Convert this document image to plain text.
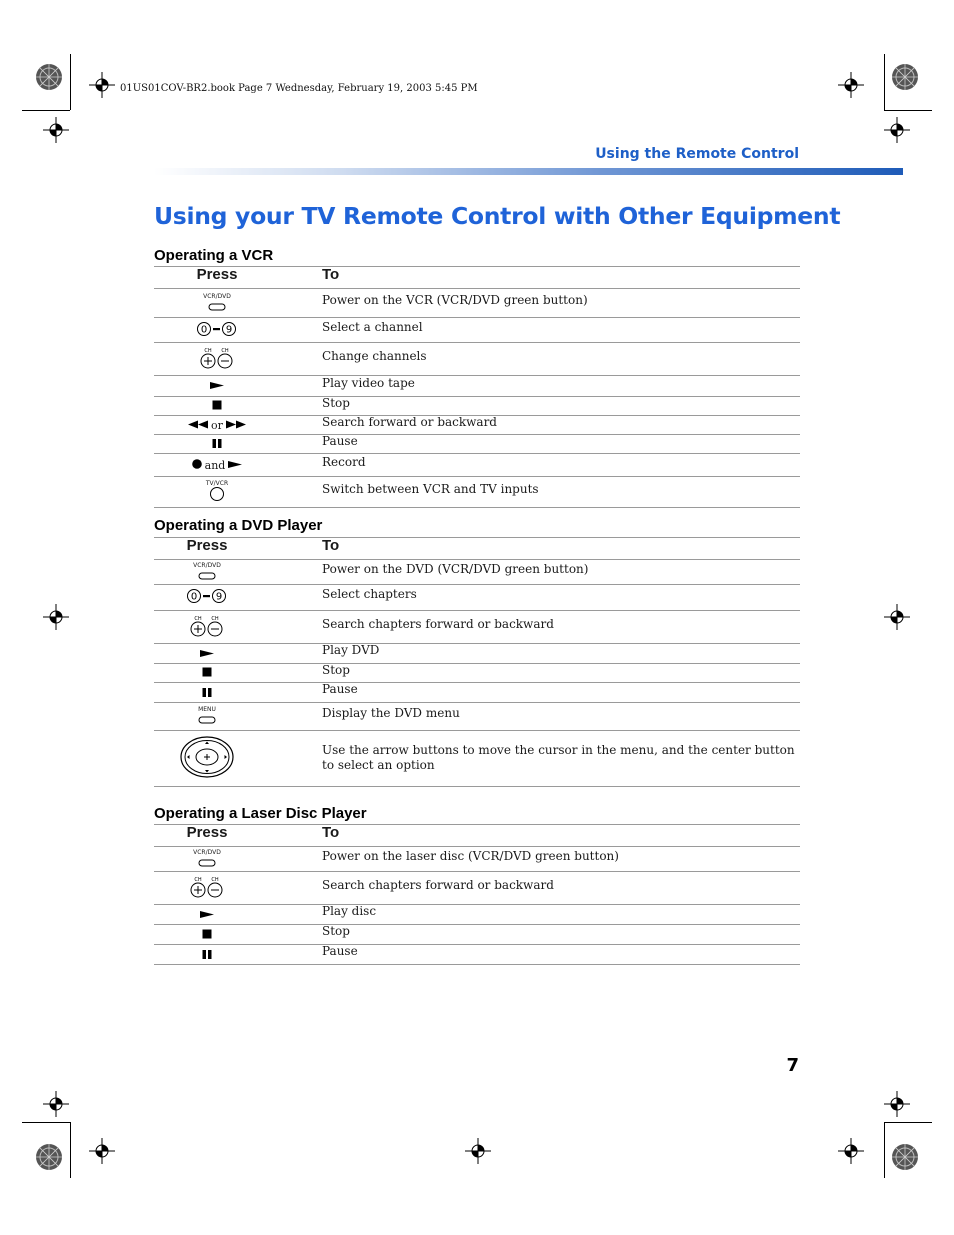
01US01COV-BR2.book Page 7 Wednesday, February 19, 2003 5:45 PM
Using the Remote Control
Using your TV Remote Control with Other Equipment
Operating a VCR
Press	To

VCR/DVD	Power on the VCR (VCR/DVD green button)

0 9	Select a channel

CH CH	Change channels
	Play video tape
	Stop
or	Search forward or backward
	Pause
and	Record

TV/VCR	Switch between VCR and TV inputs
Operating a DVD Player
Press	To

VCR/DVD	Power on the DVD (VCR/DVD green button)

0 9	Select chapters

CH CH	Search chapters forward or backward
	Play DVD
	Stop
	Pause

MENU	Display the DVD menu
	Use the arrow buttons to move the cursor in the menu, and the center button to select an option
Operating a Laser Disc Player
Press	To

VCR/DVD	Power on the laser disc (VCR/DVD green button)

CH CH	Search chapters forward or backward
	Play disc
	Stop
	Pause
7
